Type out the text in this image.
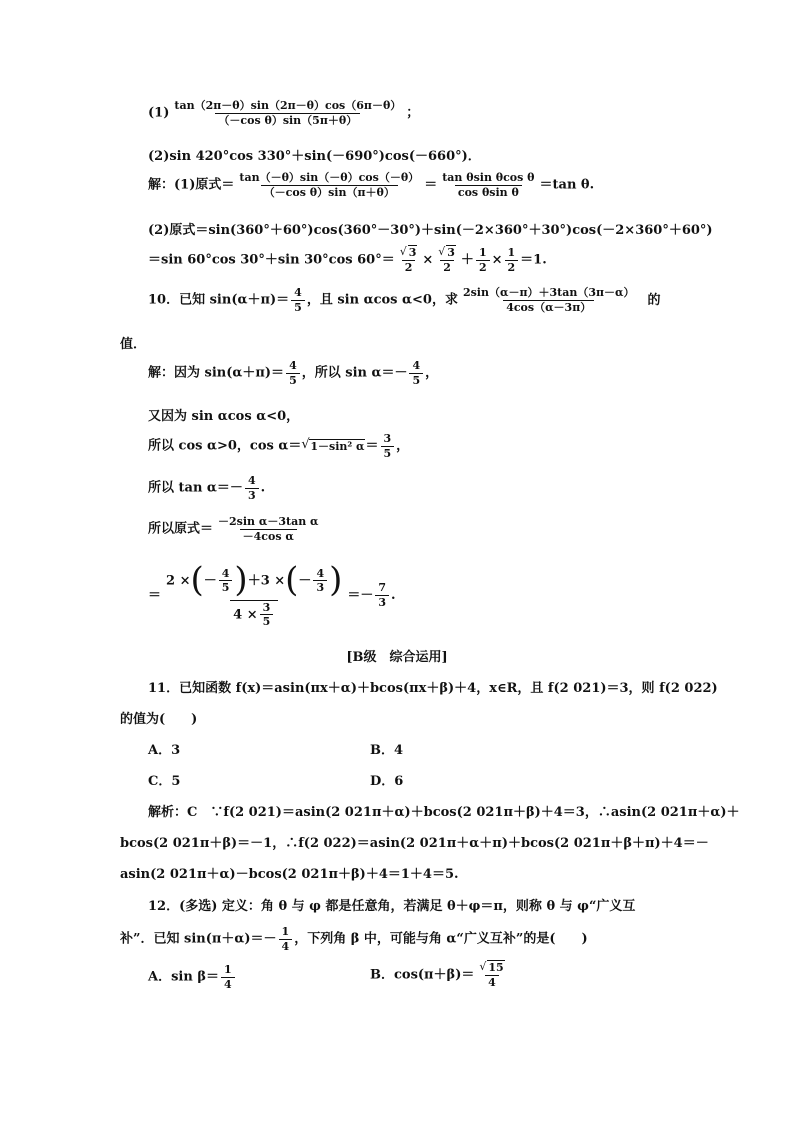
$(1) \frac{\tan(2\pi-\theta)\sin(2\pi-\theta)\cos(6\pi-\theta)}{\text{（－cos θ）sin（5π＋θ）}}$ ；
(2)sin 420°cos 330°＋sin(－690°)cos(－660°)．
解：(1)原式＝ $\frac{\tan(-\theta)\sin(-\theta)\cos(-\theta)}{\text{（－cos θ）sin（π＋θ）}} = \frac{\text{tan θsin θcos θ}}{\text{cos θsin θ}} =\tan$ θ.
(2)原式＝sin(360°＋60°)cos(360°－30°)＋sin(－2×360°＋30°)cos(－2×360°＋60°)
＝sin 60°cos 30°＋sin 30°cos 60°＝ √ $\frac{3}{2}$ × √ $\frac{3}{2} + \frac{1}{2} \times \frac{1}{2} =1$.
10．已知 $\sin(\alpha+\pi)= \frac{4}{5}$ ，且 sin αcos α<0，求 $\frac{2\sin(\alpha-\pi)+3\tan(3\pi-\alpha)}{4\cos(\alpha-3\pi)}$ 的
值．
解：因为 $\sin(\alpha+\pi)= \frac{4}{5}$ ，所以 $\sin \alpha=- \frac{4}{5}$ ，
又因为 sin αcos α<0，
所以 cos α>0，cos α＝ √ 1－sin² $\alpha= \frac{3}{5}$ ，
所以 $\tan \alpha=- \frac{4}{3}$ .
所以原式＝ $\frac{\text{－2sin α－3tan α}}{\text{－4cos α}}$
＝ $\frac{2 \times(- \frac{4}{5} )+3 \times(- \frac{4}{3} )}{4 \times \frac{3}{5}} =- \frac{7}{3}$ .
[B级　综合运用]
11．已知函数 f(x)＝asin(πx＋α)＋bcos(πx＋β)＋4，x∈R，且 f(2 021)＝3，则 f(2 022)
的值为(　　)
A．3	B．4
C．5	D．6
解析：C　∵f(2 021)＝asin(2 021π＋α)＋bcos(2 021π＋β)＋4＝3，∴asin(2 021π＋α)＋
bcos(2 021π＋β)＝－1，∴f(2 022)＝asin(2 021π＋α＋π)＋bcos(2 021π＋β＋π)＋4＝－
asin(2 021π＋α)－bcos(2 021π＋β)＋4＝1＋4＝5.
12．(多选) 定义：角 θ 与 φ 都是任意角，若满足 θ＋φ＝π，则称 θ 与 φ“广义互
补”．已知 $\sin(\pi+\alpha)=- \frac{1}{4}$ ，下列角 β 中，可能与角 α“广义互补”的是(　　)
A．$\sin \beta= \frac{1}{4}$	B．cos(π＋β)＝ √ $\frac{15}{4}$
